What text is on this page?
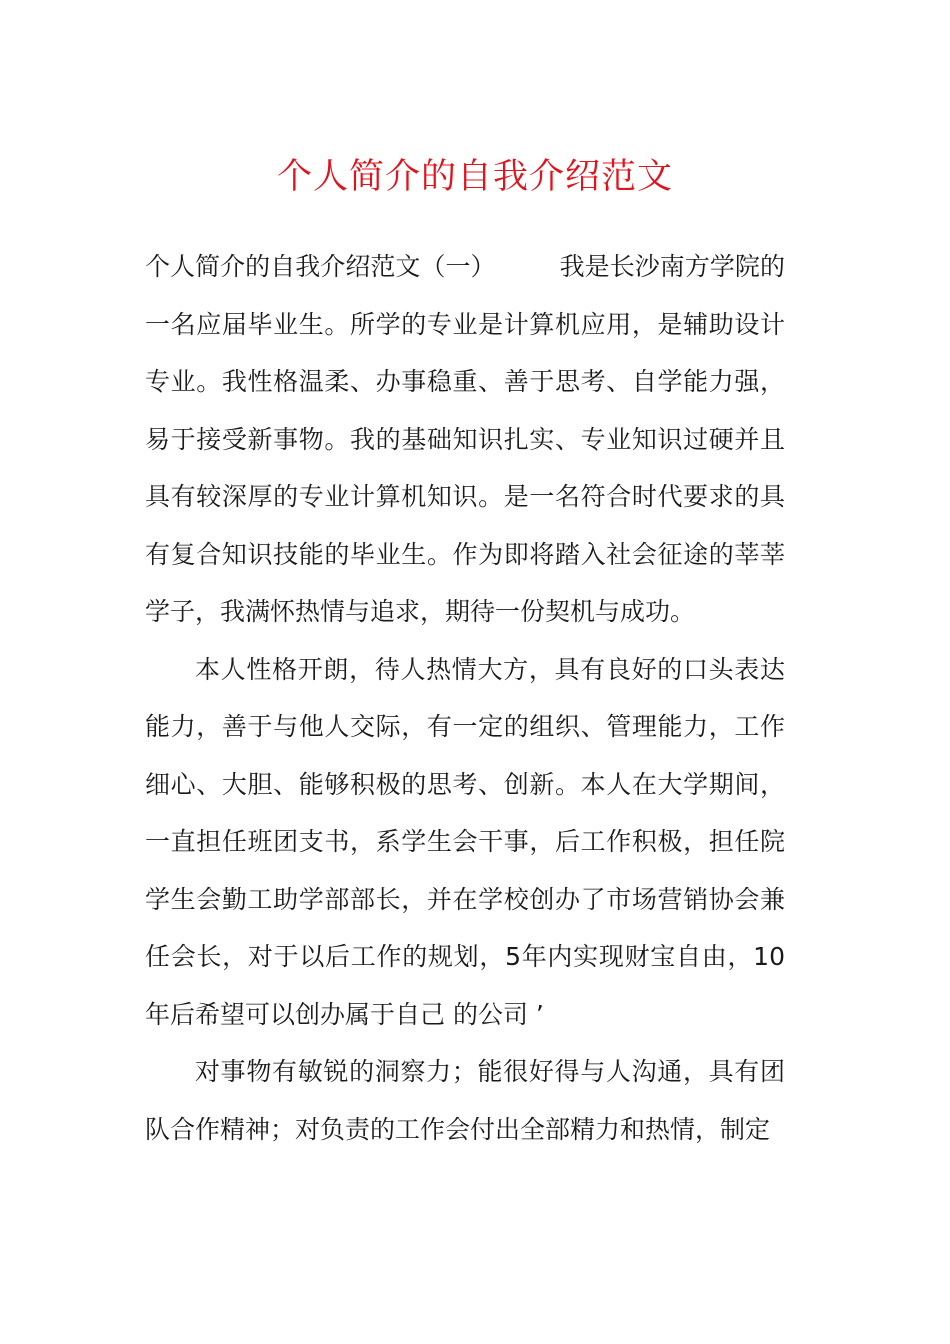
个人简介的自我介绍范文

个人简介的自我介绍范文（一）	我是长沙南方学院的一名应届毕业生。所学的专业是计算机应用，是辅助设计专业。我性格温柔、办事稳重、善于思考、自学能力强，易于接受新事物。我的基础知识扎实、专业知识过硬并且具有较深厚的专业计算机知识。是一名符合时代要求的具有复合知识技能的毕业生。作为即将踏入社会征途的莘莘学子，我满怀热情与追求，期待一份契机与成功。

本人性格开朗，待人热情大方，具有良好的口头表达能力，善于与他人交际，有一定的组织、管理能力，工作细心、大胆、能够积极的思考、创新。本人在大学期间，一直担任班团支书，系学生会干事，后工作积极，担任院学生会勤工助学部部长，并在学校创办了市场营销协会兼任会长，对于以后工作的规划，5年内实现财宝自由，10年后希望可以创办属于自己 的公司 ’

对事物有敏锐的洞察力；能很好得与人沟通，具有团队合作精神；对负责的工作会付出全部精力和热情，制定
